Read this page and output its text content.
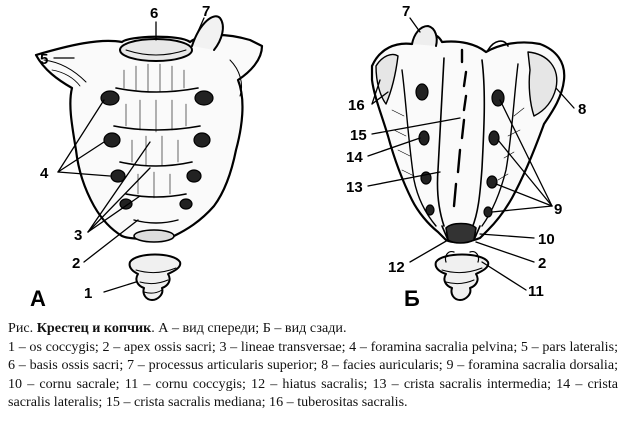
А	1
2
3
4
5
6	7
Б
2
7
8
9
10
11
12
13
14
15
16

Рис. Крестец и копчик. А – вид спереди; Б – вид сзади.

1 – os coccygis; 2 – apex ossis sacri; 3 – lineae transversae; 4 – foramina sacralia pelvina; 5 – pars lateralis; 6 – basis ossis sacri; 7 – processus articularis superior; 8 – facies auricularis; 9 – foramina sacralia dorsalia; 10 – cornu sacrale; 11 – cornu coccygis; 12 – hiatus sacralis; 13 – crista sacralis intermedia; 14 – crista sacralis lateralis; 15 – crista sacralis mediana; 16 – tuberositas sacralis.
